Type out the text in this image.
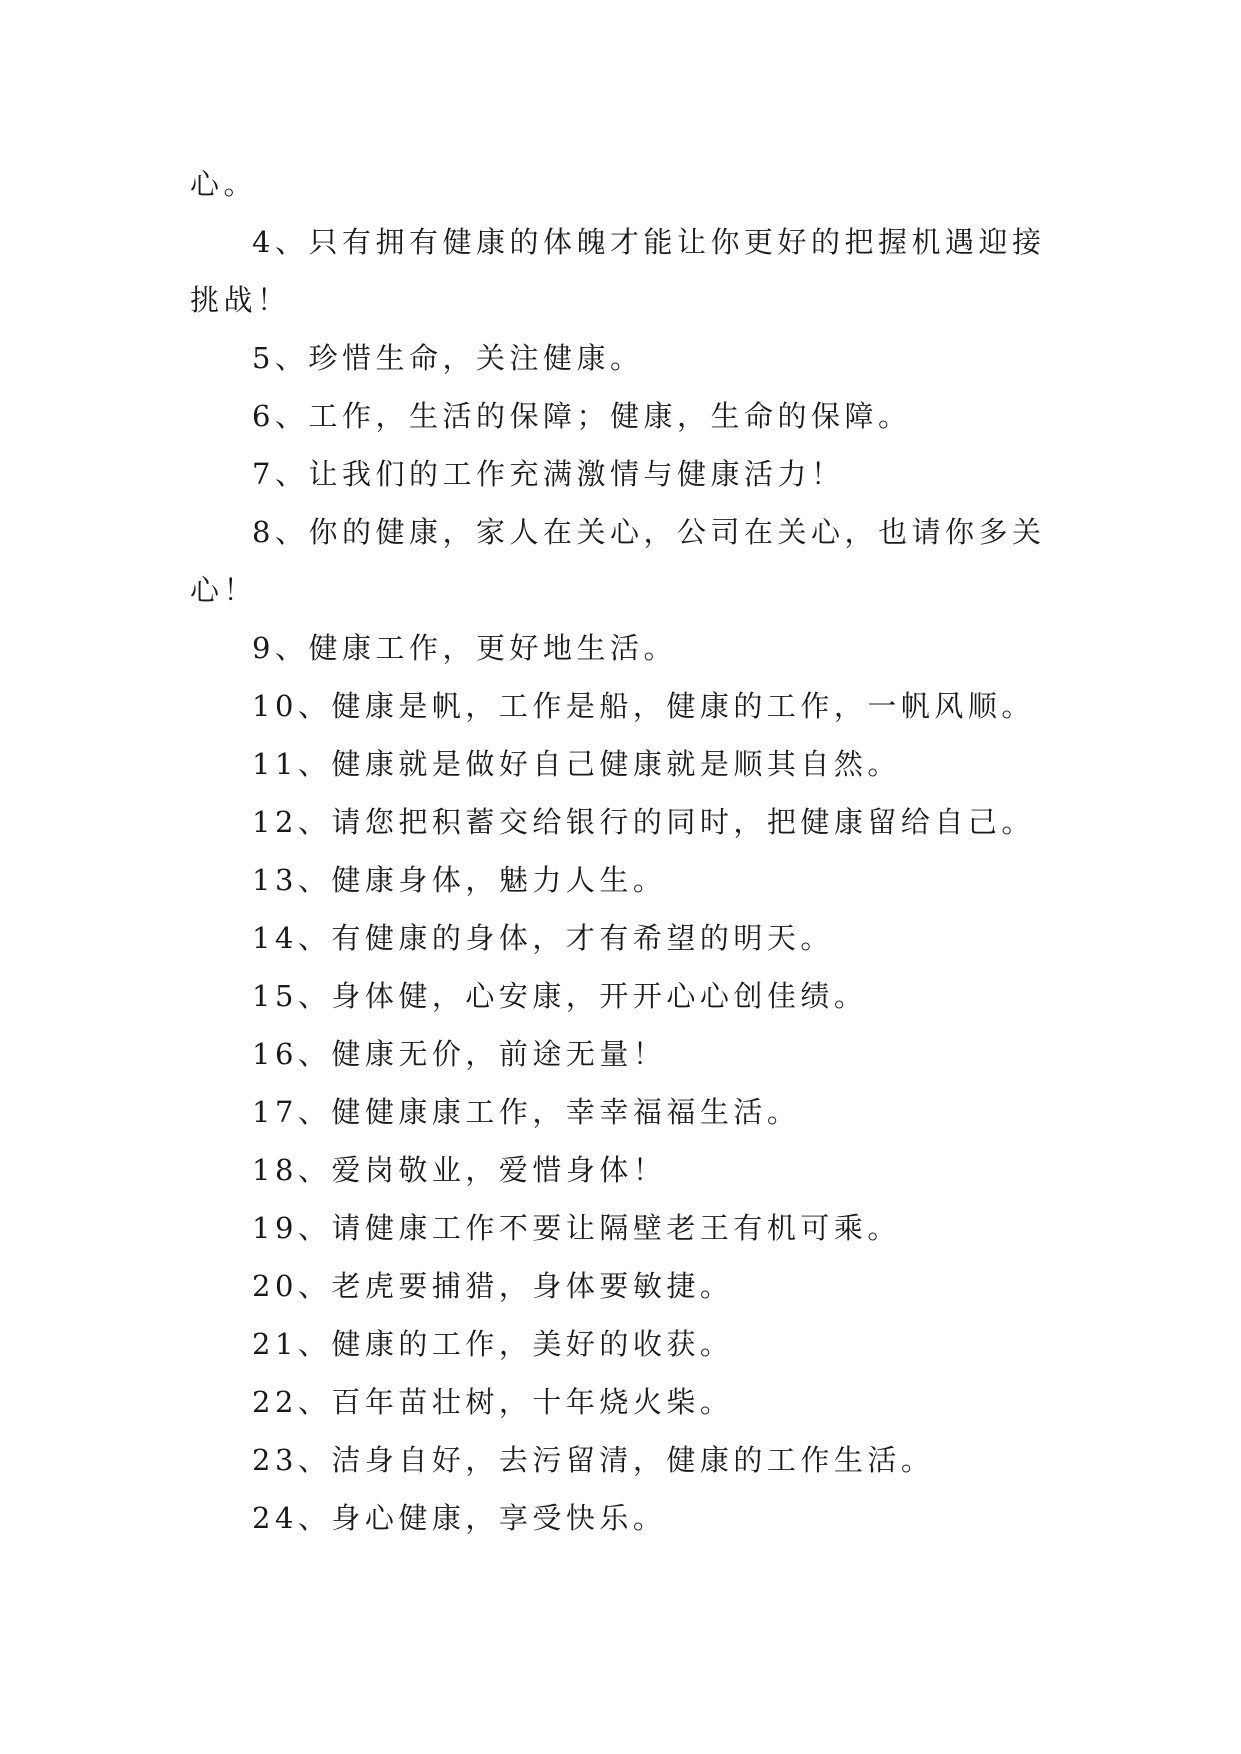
心。

4、只有拥有健康的体魄才能让你更好的把握机遇迎接挑战！

5、珍惜生命，关注健康。

6、工作，生活的保障；健康，生命的保障。

7、让我们的工作充满激情与健康活力！

8、你的健康，家人在关心，公司在关心，也请你多关心！

9、健康工作，更好地生活。

10、健康是帆，工作是船，健康的工作，一帆风顺。

11、健康就是做好自己健康就是顺其自然。

12、请您把积蓄交给银行的同时，把健康留给自己。

13、健康身体，魅力人生。

14、有健康的身体，才有希望的明天。

15、身体健，心安康，开开心心创佳绩。

16、健康无价，前途无量！

17、健健康康工作，幸幸福福生活。

18、爱岗敬业，爱惜身体！

19、请健康工作不要让隔壁老王有机可乘。

20、老虎要捕猎，身体要敏捷。

21、健康的工作，美好的收获。

22、百年苗壮树，十年烧火柴。

23、洁身自好，去污留清，健康的工作生活。

24、身心健康，享受快乐。
